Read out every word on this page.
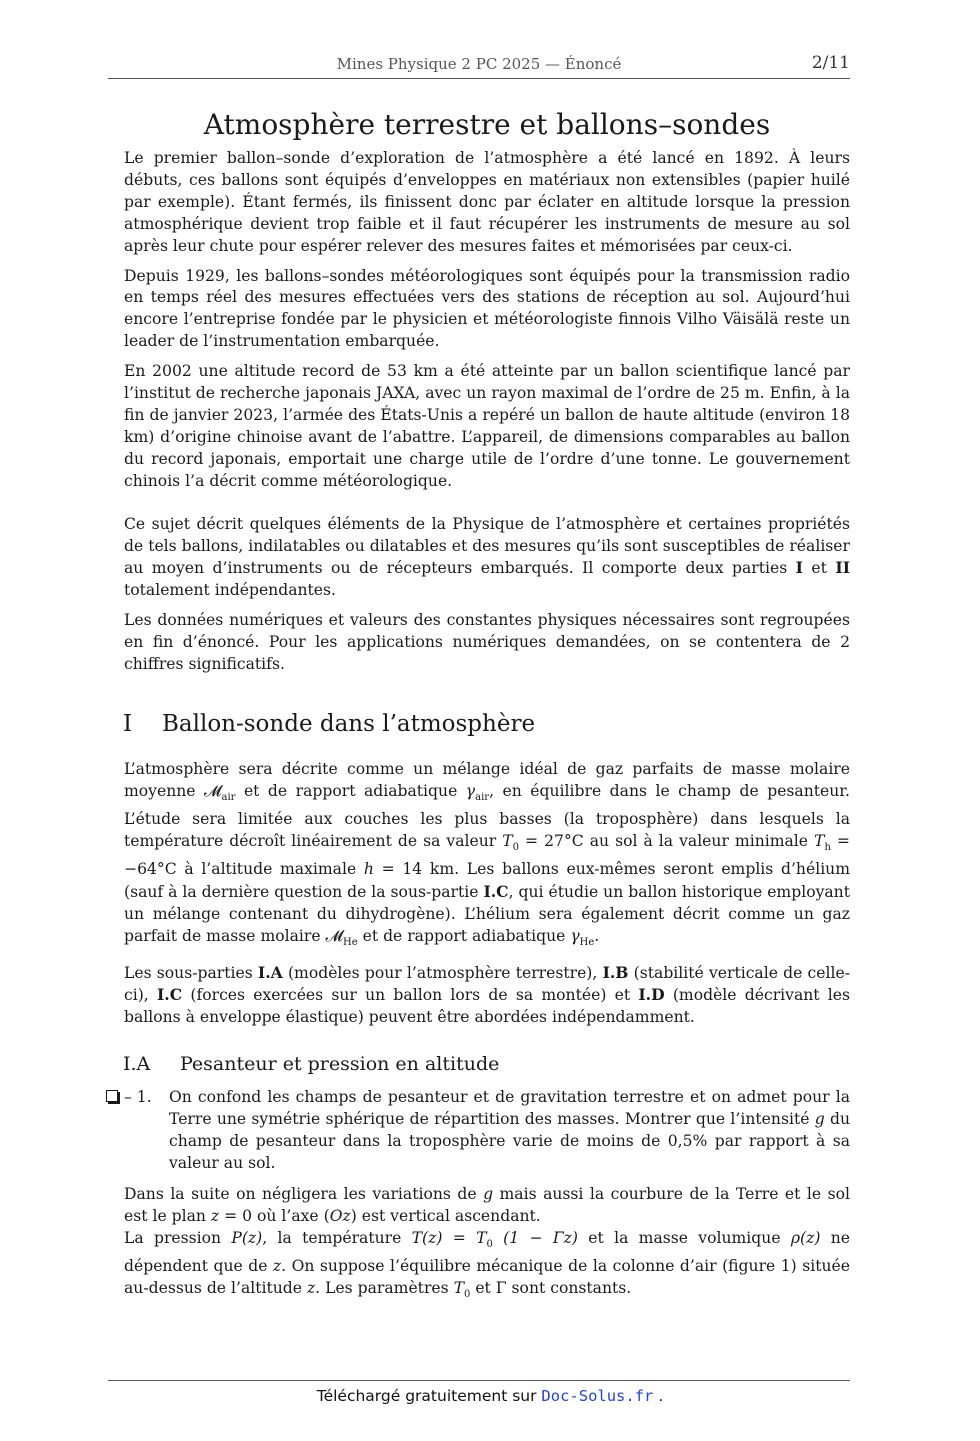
Mines Physique 2 PC 2025 — Énoncé	2/11
Atmosphère terrestre et ballons–sondes

Le premier ballon–sonde d’exploration de l’atmosphère a été lancé en 1892. À leurs débuts, ces ballons sont équipés d’enveloppes en matériaux non extensibles (papier huilé par exemple). Étant fermés, ils finissent donc par éclater en altitude lorsque la pression atmosphérique devient trop faible et il faut récupérer les instruments de mesure au sol après leur chute pour espérer relever des mesures faites et mémorisées par ceux-ci.

Depuis 1929, les ballons–sondes météorologiques sont équipés pour la transmission radio en temps réel des mesures effectuées vers des stations de réception au sol. Aujourd’hui encore l’entreprise fondée par le physicien et météorologiste finnois Vilho Väisälä reste un leader de l’instrumentation embarquée.

En 2002 une altitude record de 53 km a été atteinte par un ballon scientifique lancé par l’institut de recherche japonais JAXA, avec un rayon maximal de l’ordre de 25 m. Enfin, à la fin de janvier 2023, l’armée des États-Unis a repéré un ballon de haute altitude (environ 18 km) d’origine chinoise avant de l’abattre. L’appareil, de dimensions comparables au ballon du record japonais, emportait une charge utile de l’ordre d’une tonne. Le gouvernement chinois l’a décrit comme météorologique.

Ce sujet décrit quelques éléments de la Physique de l’atmosphère et certaines propriétés de tels ballons, indilatables ou dilatables et des mesures qu’ils sont susceptibles de réaliser au moyen d’instruments ou de récepteurs embarqués. Il comporte deux parties I et II totalement indépendantes.

Les données numériques et valeurs des constantes physiques nécessaires sont regroupées en fin d’énoncé. Pour les applications numériques demandées, on se contentera de 2 chiffres significatifs.

I Ballon-sonde dans l’atmosphère

L’atmosphère sera décrite comme un mélange idéal de gaz parfaits de masse molaire moyenne 𝓜$_{air}$ et de rapport adiabatique $\gamma_{air}$, en équilibre dans le champ de pesanteur. L’étude sera limitée aux couches les plus basses (la troposphère) dans lesquels la température décroît linéairement de sa valeur $T_0 = 27^\circ C$ au sol à la valeur minimale $T_h = -64^\circ C$ à l’altitude maximale h = 14 km. Les ballons eux-mêmes seront emplis d’hélium (sauf à la dernière question de la sous-partie I.C, qui étudie un ballon historique employant un mélange contenant du dihydrogène). L’hélium sera également décrit comme un gaz parfait de masse molaire 𝓜$_{He}$ et de rapport adiabatique $\gamma_{He}$.

Les sous-parties I.A (modèles pour l’atmosphère terrestre), I.B (stabilité verticale de celle-ci), I.C (forces exercées sur un ballon lors de sa montée) et I.D (modèle décrivant les ballons à enveloppe élastique) peuvent être abordées indépendamment.

I.A Pesanteur et pression en altitude
– 1. On confond les champs de pesanteur et de gravitation terrestre et on admet pour la Terre une symétrie sphérique de répartition des masses. Montrer que l’intensité g du champ de pesanteur dans la troposphère varie de moins de 0,5% par rapport à sa valeur au sol.

Dans la suite on négligera les variations de g mais aussi la courbure de la Terre et le sol est le plan z = 0 où l’axe (Oz) est vertical ascendant.

La pression P(z), la température $T(z) = T_0$ (1 − Γz) et la masse volumique ρ(z) ne dépendent que de z. On suppose l’équilibre mécanique de la colonne d’air (figure 1) située au-dessus de l’altitude z. Les paramètres $T_0$ et Γ sont constants.

Téléchargé gratuitement sur Doc-Solus.fr .
